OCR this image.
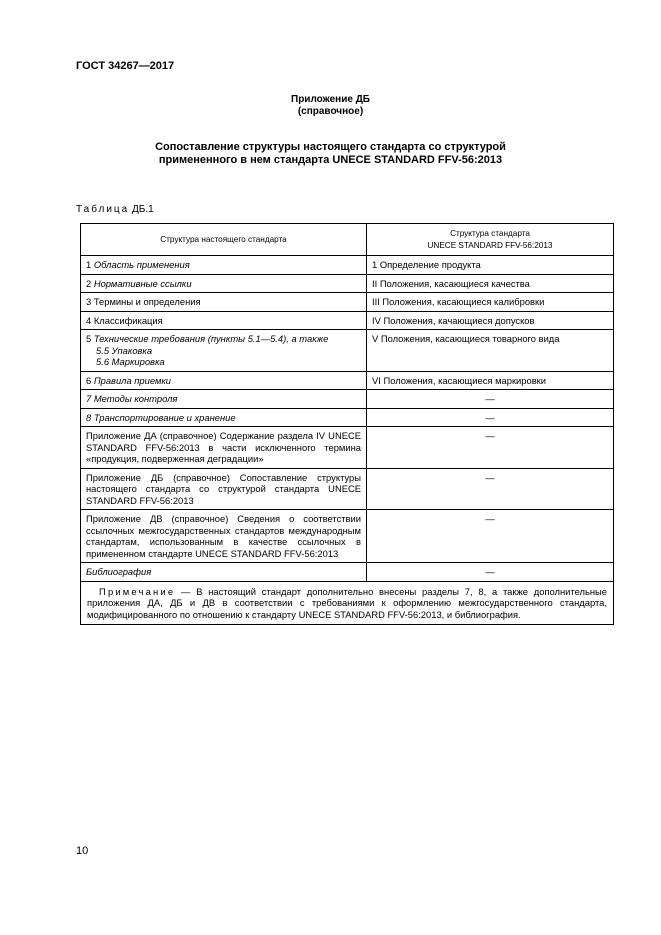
ГОСТ 34267—2017
Приложение ДБ
(справочное)
Сопоставление структуры настоящего стандарта со структурой
примененного в нем стандарта UNECE STANDARD FFV-56:2013
Таблица ДБ.1
Структура настоящего стандарта	Структура стандарта
UNECE STANDARD FFV-56:2013

1 Область применения	1 Определение продукта
2 Нормативные ссылки	II Положения, касающиеся качества
3 Термины и определения	III Положения, касающиеся калибровки
4 Классификация	IV Положения, качающиеся допусков
5 Технические требования (пункты 5.1—5.4), а также
5.5 Упаковка
5.6 Маркировка	V Положения, касающиеся товарного вида
6 Правила приемки	VI Положения, касающиеся маркировки
7 Методы контроля	—
8 Транспортирование и хранение	—
Приложение ДА (справочное) Содержание раздела IV UNECE STANDARD FFV-56:2013 в части исключенного термина «продукция, подверженная деградации»	—
Приложение ДБ (справочное) Сопоставление структуры настоящего стандарта со структурой стандарта UNECE STANDARD FFV-56:2013	—
Приложение ДВ (справочное) Сведения о соответствии ссылочных межгосударственных стандартов международным стандартам, использованным в качестве ссылочных в примененном стандарте UNECE STANDARD FFV-56:2013	—
Библиография	—
Примечание — В настоящий стандарт дополнительно внесены разделы 7, 8, а также дополнительные приложения ДА, ДБ и ДВ в соответствии с требованиями к оформлению межгосударственного стандарта, модифицированного по отношению к стандарту UNECE STANDARD FFV-56:2013, и библиография.	
10
